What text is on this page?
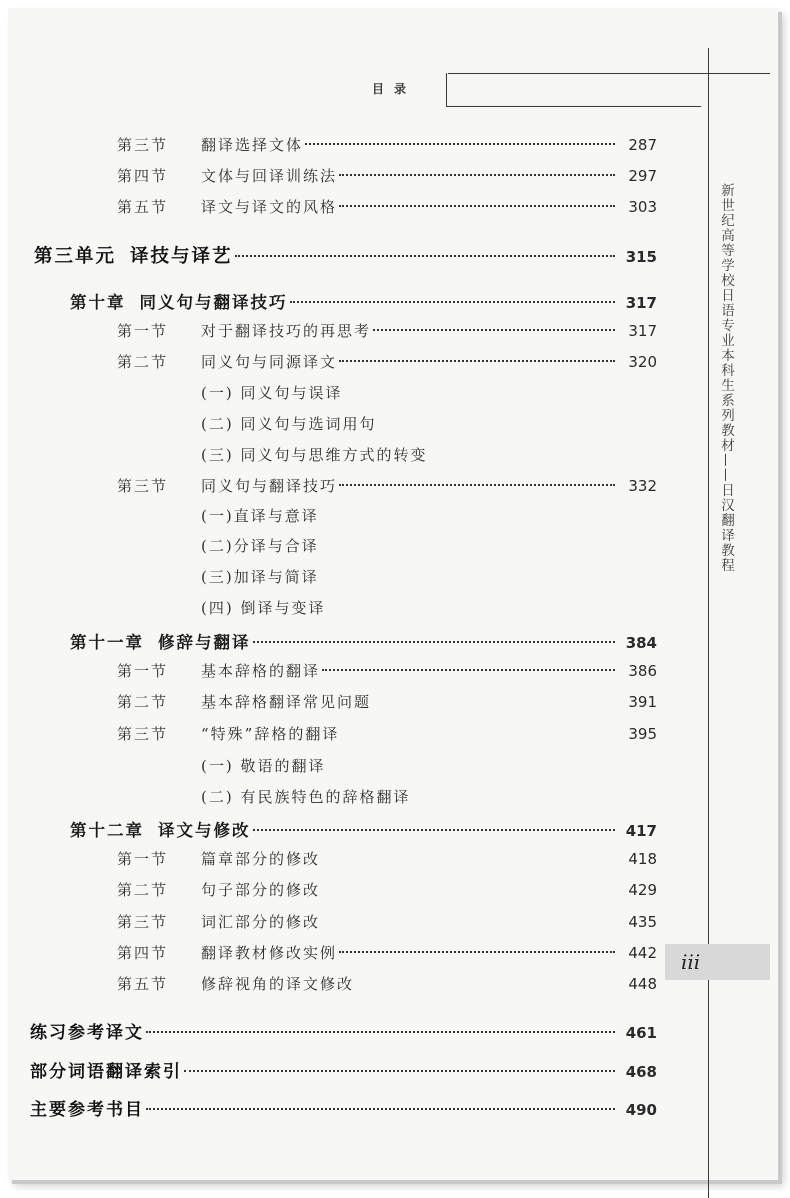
目录
新世纪高等学校日语专业本科生系列教材——日汉翻译教程
iii
第三节	翻译选择文体	287
第四节	文体与回译训练法	297
第五节	译文与译文的风格	303
第三单元 译技与译艺	315
第十章 同义句与翻译技巧	317
第一节	对于翻译技巧的再思考	317
第二节	同义句与同源译文	320
(一) 同义句与误译
(二) 同义句与选词用句
(三) 同义句与思维方式的转变
第三节	同义句与翻译技巧	332
(一)直译与意译
(二)分译与合译
(三)加译与简译
(四) 倒译与变译
第十一章 修辞与翻译	384
第一节	基本辞格的翻译	386
第二节	基本辞格翻译常见问题	391
第三节	“特殊”辞格的翻译	395
(一) 敬语的翻译
(二) 有民族特色的辞格翻译
第十二章 译文与修改	417
第一节	篇章部分的修改	418
第二节	句子部分的修改	429
第三节	词汇部分的修改	435
第四节	翻译教材修改实例	442
第五节	修辞视角的译文修改	448
练习参考译文	461
部分词语翻译索引	468
主要参考书目	490
